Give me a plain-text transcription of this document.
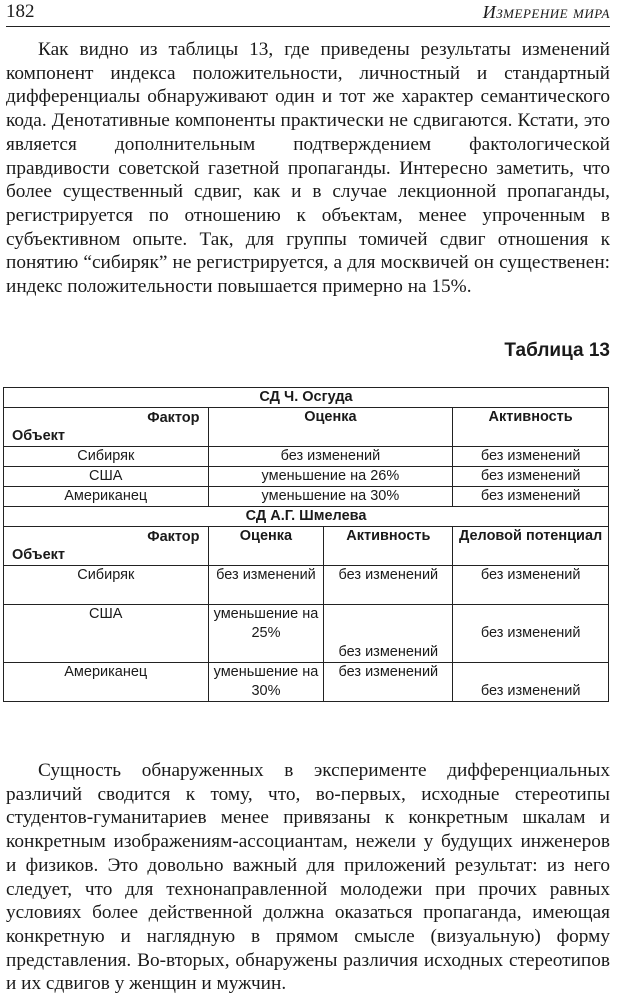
182	Измерение мира

Как видно из таблицы 13, где приведены результаты изменений компонент индекса положительности, личностный и стандартный дифференциалы обнаруживают один и тот же характер семантического кода. Денотативные компоненты практически не сдвигаются. Кстати, это является дополнительным подтверждением фактологической правдивости советской газетной пропаганды. Интересно заметить, что более существенный сдвиг, как и в случае лекционной пропаганды, регистрируется по отношению к объектам, менее упроченным в субъективном опыте. Так, для группы томичей сдвиг отношения к понятию “сибиряк” не регистрируется, а для москвичей он существенен: индекс положительности повышается примерно на 15%.

Таблица 13
СД Ч. Осгуда			

Фактор
Объект	Оценка		Активность
Сибиряк	без изменений		без изменений
США	уменьшение на 26%		без изменений
Американец	уменьшение на 30%		без изменений
СД А.Г. Шмелева			

Фактор
Объект	Оценка	Активность	Деловой потенциал
Сибиряк	без изменений	без изменений	без изменений
США	уменьшение на 25%	без изменений	без изменений
Американец	уменьшение на 30%	без изменений	без изменений

Сущность обнаруженных в эксперименте дифференциальных различий сводится к тому, что, во-первых, исходные стереотипы студентов-гуманитариев менее привязаны к конкретным шкалам и конкретным изображениям-ассоциантам, нежели у будущих инженеров и физиков. Это довольно важный для приложений результат: из него следует, что для технонаправленной молодежи при прочих равных условиях более действенной должна оказаться пропаганда, имеющая конкретную и наглядную в прямом смысле (визуальную) форму представления. Во-вторых, обнаружены различия исходных стереотипов и их сдвигов у женщин и мужчин.
